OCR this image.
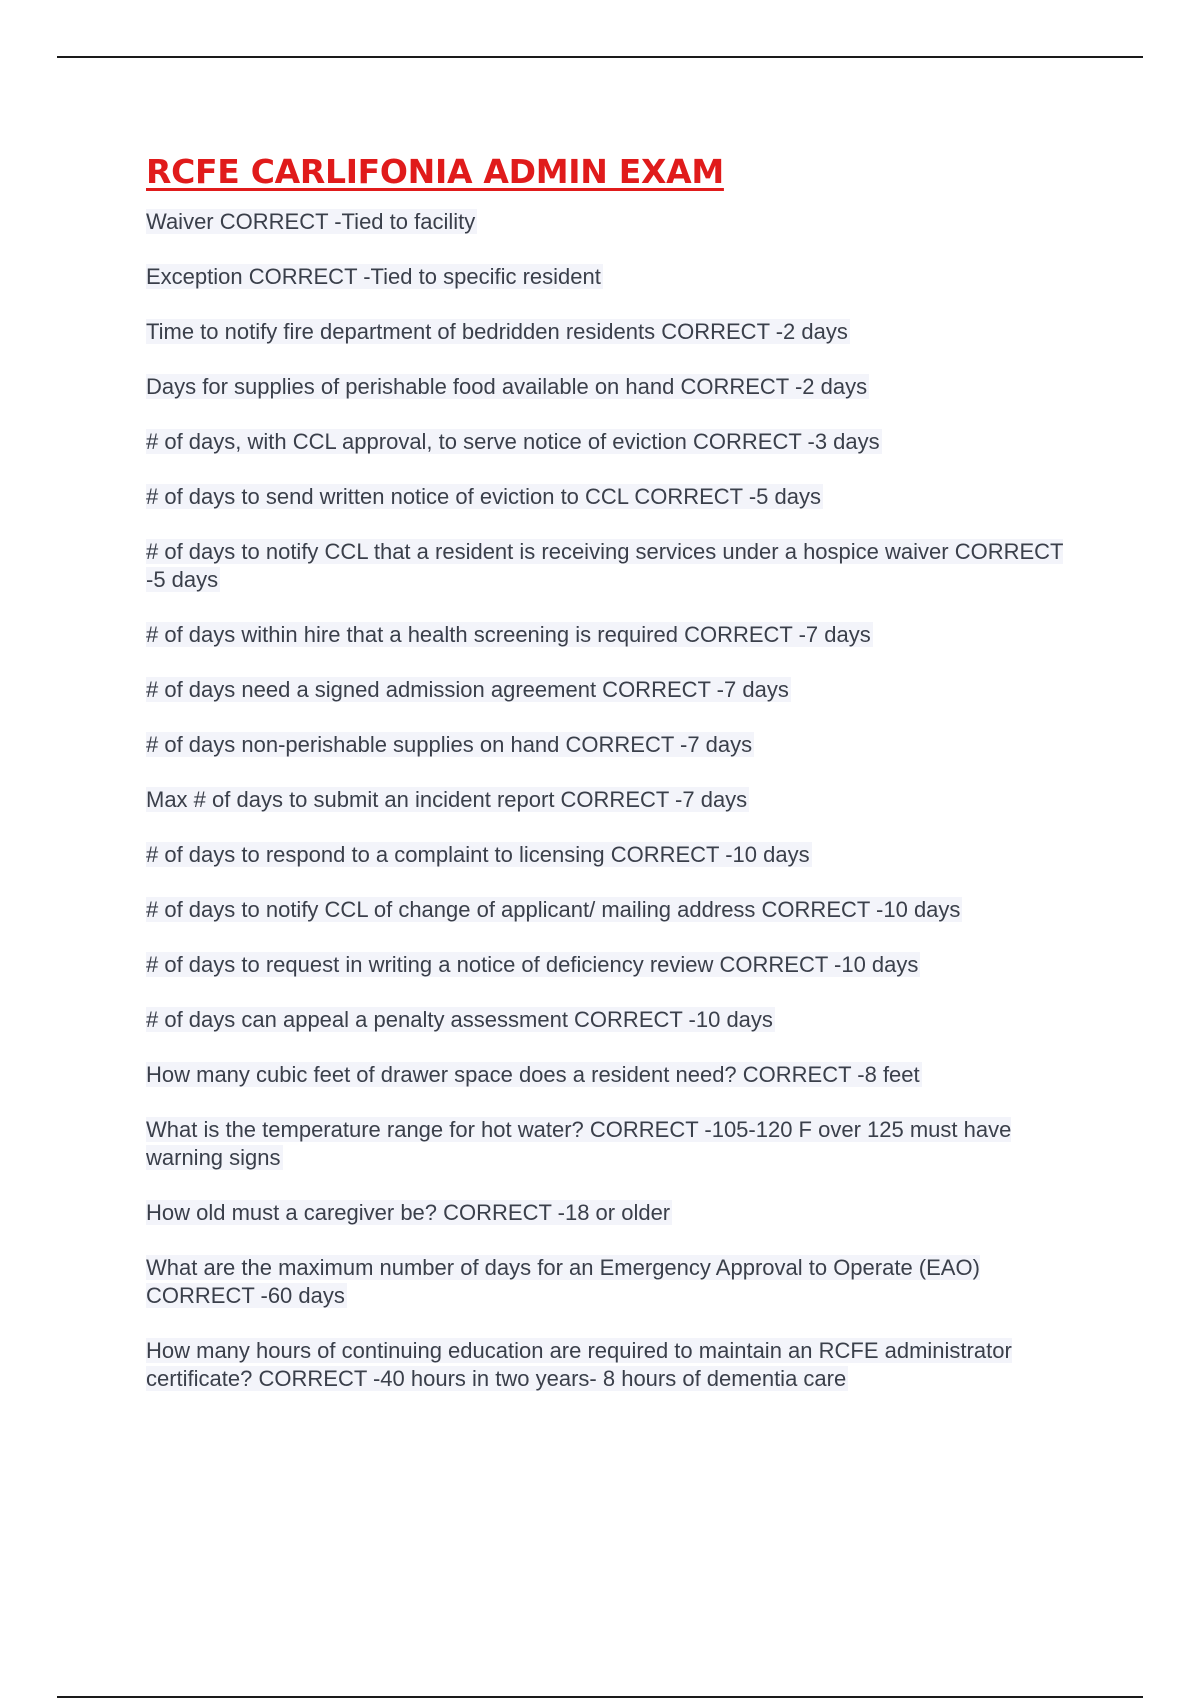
RCFE CARLIFONIA ADMIN EXAM
Waiver CORRECT -Tied to facility
Exception CORRECT -Tied to specific resident
Time to notify fire department of bedridden residents CORRECT -2 days
Days for supplies of perishable food available on hand CORRECT -2 days
# of days, with CCL approval, to serve notice of eviction CORRECT -3 days
# of days to send written notice of eviction to CCL CORRECT -5 days
# of days to notify CCL that a resident is receiving services under a hospice waiver CORRECT -5 days
# of days within hire that a health screening is required CORRECT -7 days
# of days need a signed admission agreement CORRECT -7 days
# of days non-perishable supplies on hand CORRECT -7 days
Max # of days to submit an incident report CORRECT -7 days
# of days to respond to a complaint to licensing CORRECT -10 days
# of days to notify CCL of change of applicant/ mailing address CORRECT -10 days
# of days to request in writing a notice of deficiency review CORRECT -10 days
# of days can appeal a penalty assessment CORRECT -10 days
How many cubic feet of drawer space does a resident need? CORRECT -8 feet
What is the temperature range for hot water? CORRECT -105-120 F over 125 must have warning signs
How old must a caregiver be? CORRECT -18 or older
What are the maximum number of days for an Emergency Approval to Operate (EAO) CORRECT -60 days
How many hours of continuing education are required to maintain an RCFE administrator certificate? CORRECT -40 hours in two years- 8 hours of dementia care
